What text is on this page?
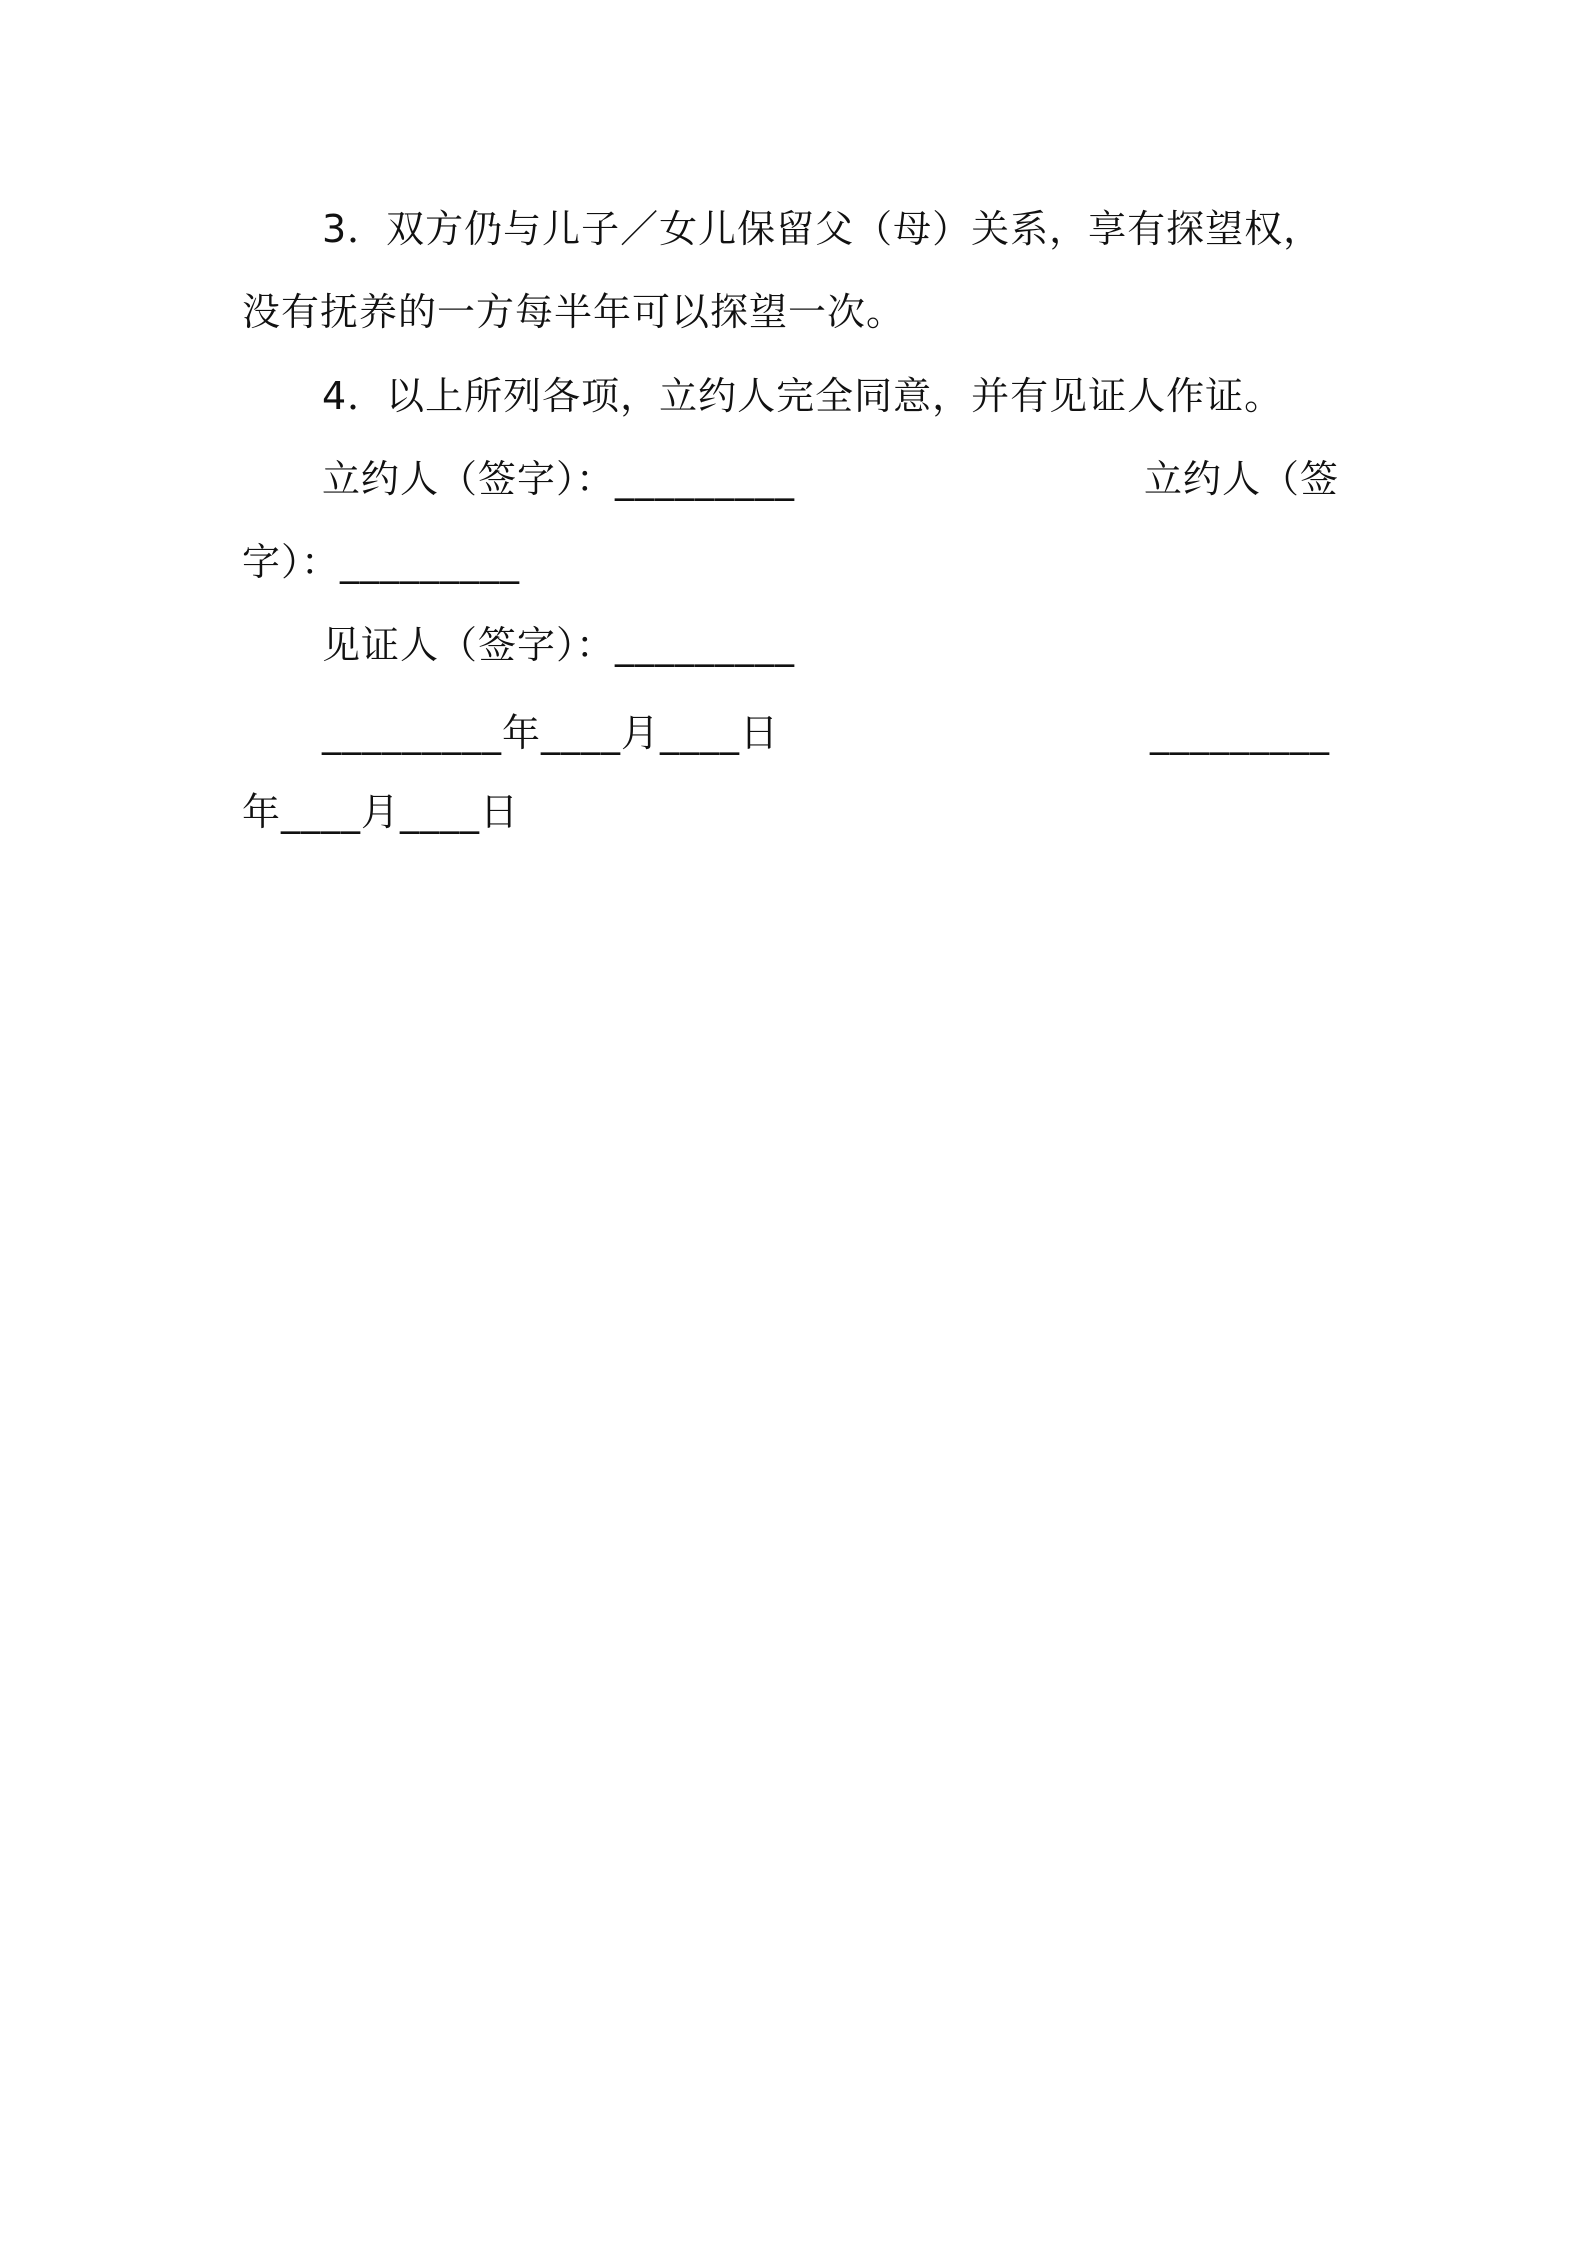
3．双方仍与儿子／女儿保留父（母）关系，享有探望权，
没有抚养的一方每半年可以探望一次。
4．以上所列各项，立约人完全同意，并有见证人作证。
立约人（签字）：_________	立约人（签
字）：_________
见证人（签字）：_________
_________年____月____日	_________
年____月____日
